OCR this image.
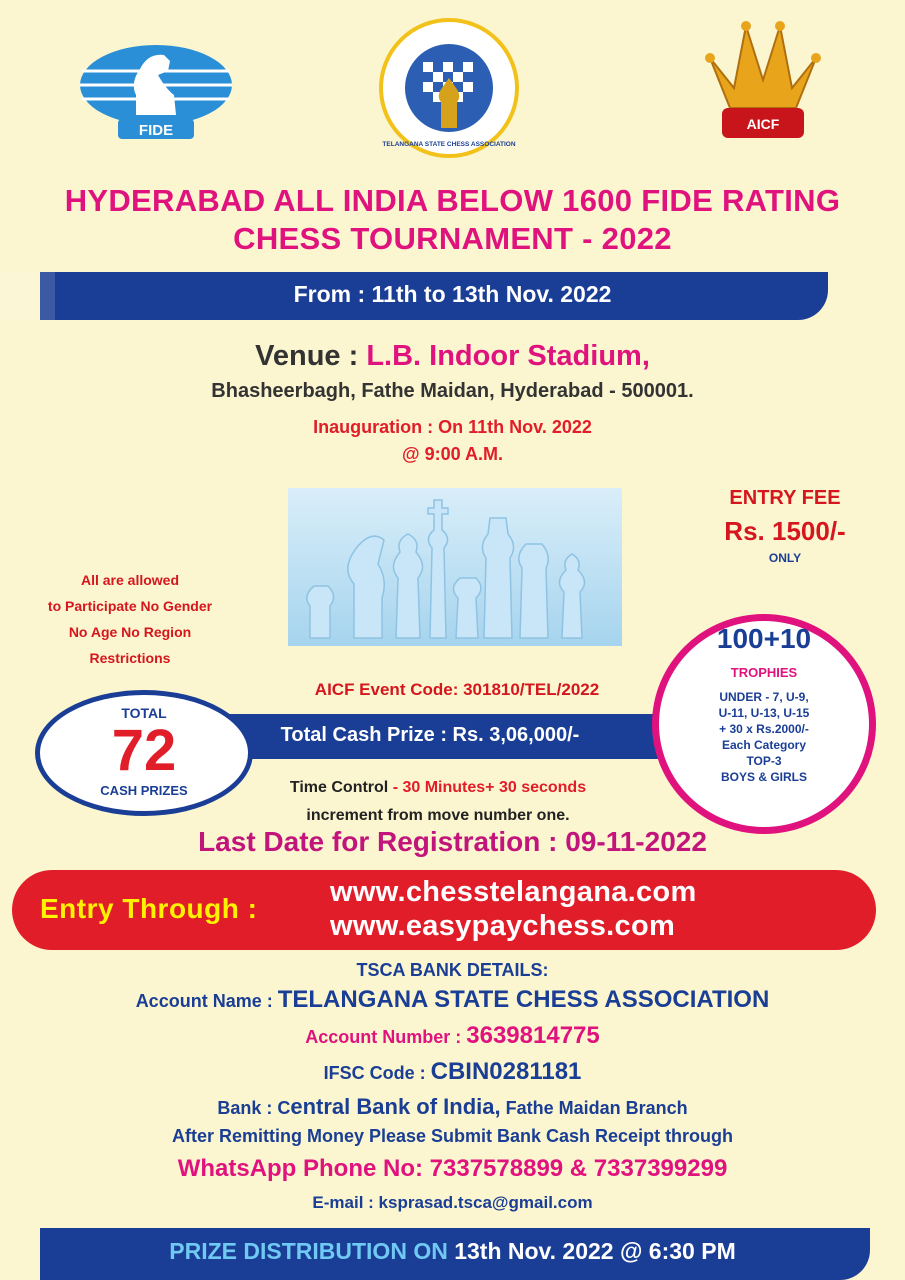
FIDE
TELANGANA STATE CHESS ASSOCIATION
AICF
HYDERABAD ALL INDIA BELOW 1600 FIDE RATING
CHESS TOURNAMENT - 2022
From : 11th to 13th Nov. 2022
Venue : L.B. Indoor Stadium,
Bhasheerbagh, Fathe Maidan, Hyderabad - 500001.
Inauguration : On 11th Nov. 2022
@ 9:00 A.M.
ENTRY FEE
Rs. 1500/-
ONLY
All are allowed
to Participate No Gender
No Age No Region
Restrictions
AICF Event Code: 301810/TEL/2022
Total Cash Prize : Rs. 3,06,000/-
TOTAL
72
CASH PRIZES	Time Control - 30 Minutes+ 30 seconds
increment from move number one.
100+10
TROPHIES
UNDER - 7, U-9,
U-11, U-13, U-15
+ 30 x Rs.2000/-
Each Category
TOP-3
BOYS & GIRLS
Last Date for Registration : 09-11-2022
Entry Through :
www.chesstelangana.com
www.easypaychess.com
TSCA BANK DETAILS:
Account Name : TELANGANA STATE CHESS ASSOCIATION
Account Number : 3639814775
IFSC Code : CBIN0281181
Bank : Central Bank of India, Fathe Maidan Branch
After Remitting Money Please Submit Bank Cash Receipt through
WhatsApp Phone No: 7337578899 & 7337399299
E-mail : ksprasad.tsca@gmail.com
PRIZE DISTRIBUTION ON 13th Nov. 2022 @ 6:30 PM
